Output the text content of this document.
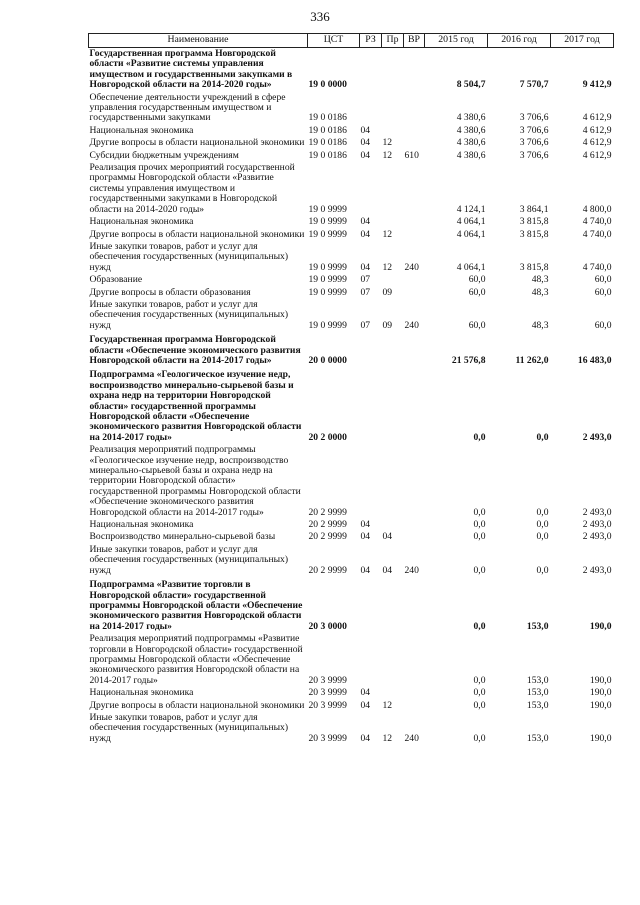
336
Наименование	ЦСТ	РЗ	Пр	ВР	2015 год	2016 год	2017 год
Государственная программа Новгородской области «Развитие системы управления имуществом и государственными закупками в Новгородской области на 2014-2020 годы»	19 0 0000				8 504,7	7 570,7	9 412,9
Обеспечение деятельности учреждений в сфере управления государственным имуществом и государственными закупками	19 0 0186				4 380,6	3 706,6	4 612,9
Национальная экономика	19 0 0186	04			4 380,6	3 706,6	4 612,9
Другие вопросы в области национальной экономики	19 0 0186	04	12		4 380,6	3 706,6	4 612,9
Субсидии бюджетным учреждениям	19 0 0186	04	12	610	4 380,6	3 706,6	4 612,9
Реализация прочих мероприятий государственной программы Новгородской области «Развитие системы управления имуществом и государственными закупками в Новгородской области на 2014-2020 годы»	19 0 9999				4 124,1	3 864,1	4 800,0
Национальная экономика	19 0 9999	04			4 064,1	3 815,8	4 740,0
Другие вопросы в области национальной экономики	19 0 9999	04	12		4 064,1	3 815,8	4 740,0
Иные закупки товаров, работ и услуг для обеспечения государственных (муниципальных) нужд	19 0 9999	04	12	240	4 064,1	3 815,8	4 740,0
Образование	19 0 9999	07			60,0	48,3	60,0
Другие вопросы в области образования	19 0 9999	07	09		60,0	48,3	60,0
Иные закупки товаров, работ и услуг для обеспечения государственных (муниципальных) нужд	19 0 9999	07	09	240	60,0	48,3	60,0
Государственная программа Новгородской области «Обеспечение экономического развития Новгородской области на 2014-2017 годы»	20 0 0000				21 576,8	11 262,0	16 483,0
Подпрограмма «Геологическое изучение недр, воспроизводство минерально-сырьевой базы и охрана недр на территории Новгородской области» государственной программы Новгородской области «Обеспечение экономического развития Новгородской области на 2014-2017 годы»	20 2 0000				0,0	0,0	2 493,0
Реализация мероприятий подпрограммы «Геологическое изучение недр, воспроизводство минерально-сырьевой базы и охрана недр на территории Новгородской области» государственной программы Новгородской области «Обеспечение экономического развития Новгородской области на 2014-2017 годы»	20 2 9999				0,0	0,0	2 493,0
Национальная экономика	20 2 9999	04			0,0	0,0	2 493,0
Воспроизводство минерально-сырьевой базы	20 2 9999	04	04		0,0	0,0	2 493,0
Иные закупки товаров, работ и услуг для обеспечения государственных (муниципальных) нужд	20 2 9999	04	04	240	0,0	0,0	2 493,0
Подпрограмма «Развитие торговли в Новгородской области» государственной программы Новгородской области «Обеспечение экономического развития Новгородской области на 2014-2017 годы»	20 3 0000				0,0	153,0	190,0
Реализация мероприятий подпрограммы «Развитие торговли в Новгородской области» государственной программы Новгородской области «Обеспечение экономического развития Новгородской области на 2014-2017 годы»	20 3 9999				0,0	153,0	190,0
Национальная экономика	20 3 9999	04			0,0	153,0	190,0
Другие вопросы в области национальной экономики	20 3 9999	04	12		0,0	153,0	190,0
Иные закупки товаров, работ и услуг для обеспечения государственных (муниципальных) нужд	20 3 9999	04	12	240	0,0	153,0	190,0
